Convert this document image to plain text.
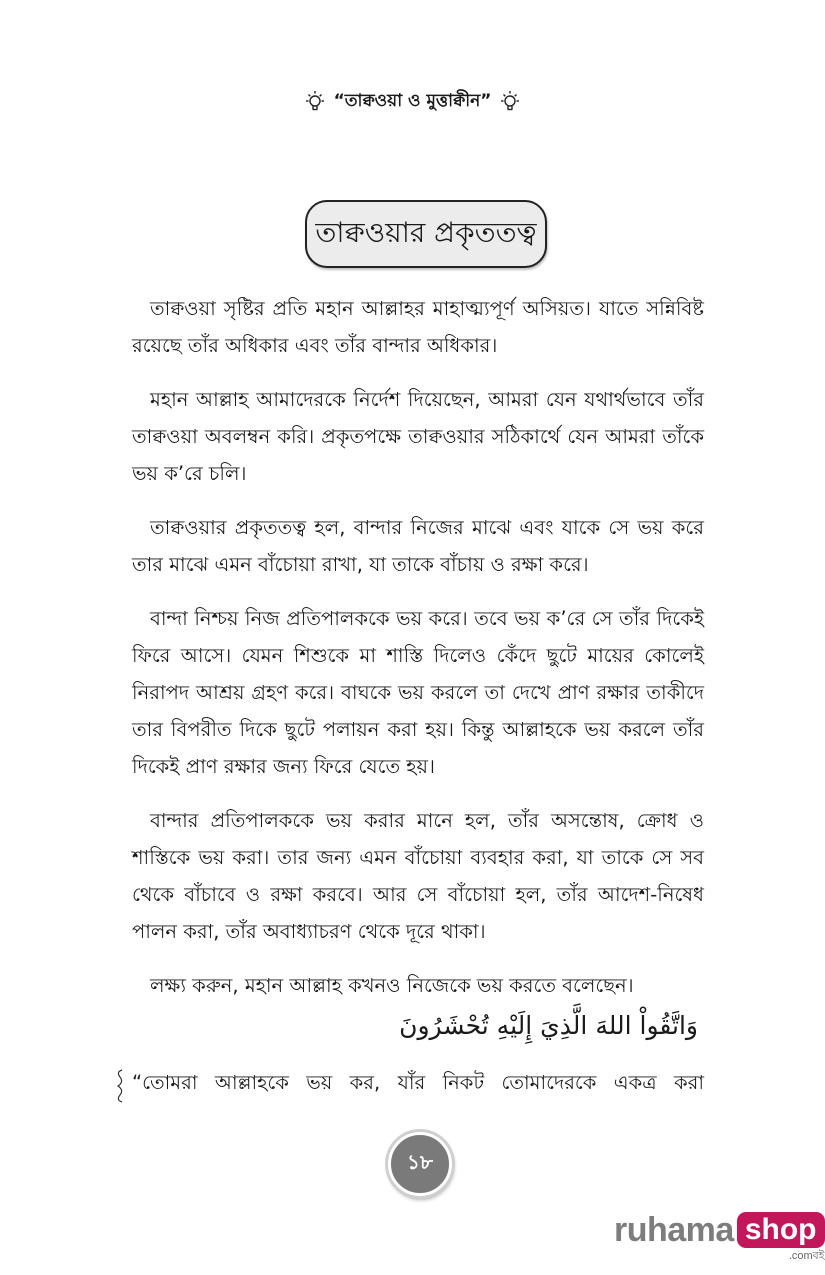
“তাক্বওয়া ও মুত্তাক্বীন”
তাক্বওয়ার প্রকৃততত্ব

তাক্বওয়া সৃষ্টির প্রতি মহান আল্লাহর মাহাত্ম্যপূর্ণ অসিয়ত। যাতে সন্নিবিষ্ট রয়েছে তাঁর অধিকার এবং তাঁর বান্দার অধিকার।

মহান আল্লাহ আমাদেরকে নির্দেশ দিয়েছেন, আমরা যেন যথার্থভাবে তাঁর তাক্বওয়া অবলম্বন করি। প্রকৃতপক্ষে তাক্বওয়ার সঠিকার্থে যেন আমরা তাঁকে ভয় ক’রে চলি।

তাক্বওয়ার প্রকৃততত্ব হল, বান্দার নিজের মাঝে এবং যাকে সে ভয় করে তার মাঝে এমন বাঁচোয়া রাখা, যা তাকে বাঁচায় ও রক্ষা করে।

বান্দা নিশ্চয় নিজ প্রতিপালককে ভয় করে। তবে ভয় ক’রে সে তাঁর দিকেই ফিরে আসে। যেমন শিশুকে মা শাস্তি দিলেও কেঁদে ছুটে মায়ের কোলেই নিরাপদ আশ্রয় গ্রহণ করে। বাঘকে ভয় করলে তা দেখে প্রাণ রক্ষার তাকীদে তার বিপরীত দিকে ছুটে পলায়ন করা হয়। কিন্তু আল্লাহকে ভয় করলে তাঁর দিকেই প্রাণ রক্ষার জন্য ফিরে যেতে হয়।

বান্দার প্রতিপালককে ভয় করার মানে হল, তাঁর অসন্তোষ, ক্রোধ ও শাস্তিকে ভয় করা। তার জন্য এমন বাঁচোয়া ব্যবহার করা, যা তাকে সে সব থেকে বাঁচাবে ও রক্ষা করবে। আর সে বাঁচোয়া হল, তাঁর আদেশ-নিষেধ পালন করা, তাঁর অবাধ্যাচরণ থেকে দূরে থাকা।

লক্ষ্য করুন, মহান আল্লাহ কখনও নিজেকে ভয় করতে বলেছেন।

وَاتَّقُواْ اللهَ الَّذِيَ إِلَيْهِ تُحْشَرُونَ
“তোমরা আল্লাহকে ভয় কর, যাঁর নিকট তোমাদেরকে একত্র করা
১৮
ruhama shop
.comবই
